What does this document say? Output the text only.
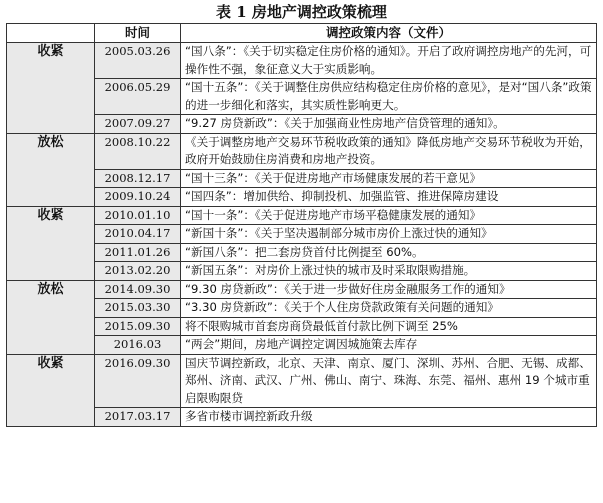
表 1 房地产调控政策梳理
	时间	调控政策内容（文件）
收紧	2005.03.26	“国八条”：《关于切实稳定住房价格的通知》。开启了政府调控房地产的先河，可操作性不强，象征意义大于实质影响。
	2006.05.29	“国十五条”：《关于调整住房供应结构稳定住房价格的意见》，是对“国八条”政策的进一步细化和落实，其实质性影响更大。
	2007.09.27	“9.27 房贷新政”：《关于加强商业性房地产信贷管理的通知》。
放松	2008.10.22	《关于调整房地产交易环节税收政策的通知》降低房地产交易环节税收为开始，政府开始鼓励住房消费和房地产投资。
	2008.12.17	“国十三条”：《关于促进房地产市场健康发展的若干意见》
	2009.10.24	“国四条”：增加供给、抑制投机、加强监管、推进保障房建设
收紧	2010.01.10	“国十一条”：《关于促进房地产市场平稳健康发展的通知》
	2010.04.17	“新国十条”：《关于坚决遏制部分城市房价上涨过快的通知》
	2011.01.26	“新国八条”：把二套房贷首付比例提至 60%。
	2013.02.20	“新国五条”：对房价上涨过快的城市及时采取限购措施。
放松	2014.09.30	“9.30 房贷新政”：《关于进一步做好住房金融服务工作的通知》
	2015.03.30	“3.30 房贷新政”：《关于个人住房贷款政策有关问题的通知》
	2015.09.30	将不限购城市首套房商贷最低首付款比例下调至 25%
	2016.03	“两会”期间，房地产调控定调因城施策去库存
收紧	2016.09.30	国庆节调控新政，北京、天津、南京、厦门、深圳、苏州、合肥、无锡、成都、郑州、济南、武汉、广州、佛山、南宁、珠海、东莞、福州、惠州 19 个城市重启限购限贷
	2017.03.17	多省市楼市调控新政升级
